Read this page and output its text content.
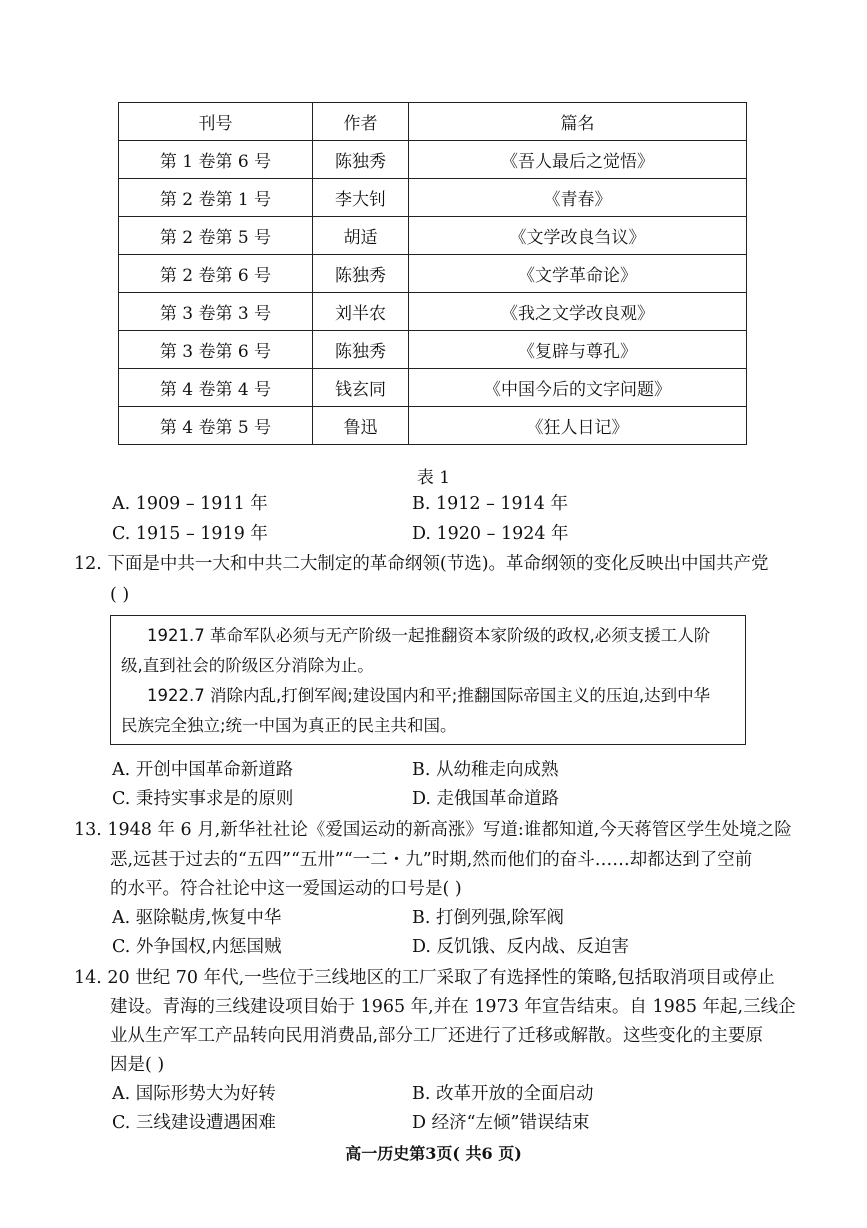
刊号	作者	篇名
第 1 卷第 6 号	陈独秀	《吾人最后之觉悟》
第 2 卷第 1 号	李大钊	《青春》
第 2 卷第 5 号	胡适	《文学改良刍议》
第 2 卷第 6 号	陈独秀	《文学革命论》
第 3 卷第 3 号	刘半农	《我之文学改良观》
第 3 卷第 6 号	陈独秀	《复辟与尊孔》
第 4 卷第 4 号	钱玄同	《中国今后的文字问题》
第 4 卷第 5 号	鲁迅	《狂人日记》
表 1
A. 1909 – 1911 年	B. 1912 – 1914 年
C. 1915 – 1919 年	D. 1920 – 1924 年
12. 下面是中共一大和中共二大制定的革命纲领(节选)。革命纲领的变化反映出中国共产党
( )
1921.7 革命军队必须与无产阶级一起推翻资本家阶级的政权,必须支援工人阶
级,直到社会的阶级区分消除为止。
1922.7 消除内乱,打倒军阀;建设国内和平;推翻国际帝国主义的压迫,达到中华
民族完全独立;统一中国为真正的民主共和国。
A. 开创中国革命新道路	B. 从幼稚走向成熟
C. 秉持实事求是的原则	D. 走俄国革命道路
13. 1948 年 6 月,新华社社论《爱国运动的新高涨》写道:谁都知道,今天蒋管区学生处境之险
恶,远甚于过去的“五四”“五卅”“一二・九”时期,然而他们的奋斗……却都达到了空前
的水平。符合社论中这一爱国运动的口号是( )
A. 驱除鞑虏,恢复中华	B. 打倒列强,除军阀
C. 外争国权,内惩国贼	D. 反饥饿、反内战、反迫害
14. 20 世纪 70 年代,一些位于三线地区的工厂采取了有选择性的策略,包括取消项目或停止
建设。青海的三线建设项目始于 1965 年,并在 1973 年宣告结束。自 1985 年起,三线企
业从生产军工产品转向民用消费品,部分工厂还进行了迁移或解散。这些变化的主要原
因是( )
A. 国际形势大为好转	B. 改革开放的全面启动
C. 三线建设遭遇困难	D 经济“左倾”错误结束
高一历史第3页( 共6 页)
